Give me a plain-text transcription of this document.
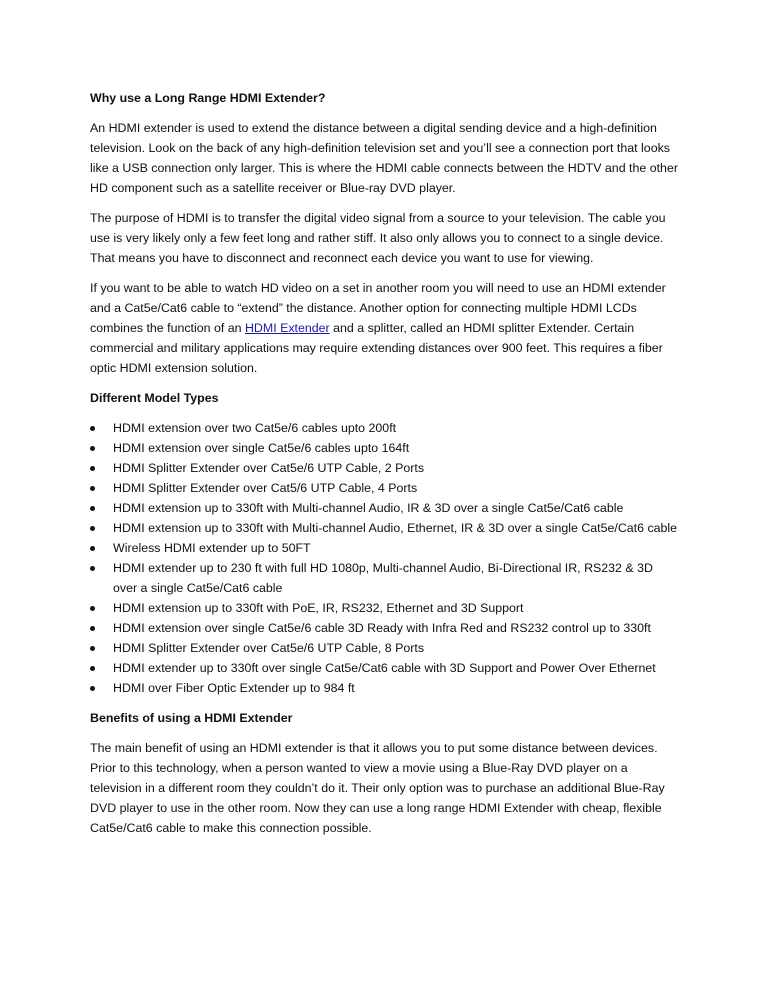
Why use a Long Range HDMI Extender?

An HDMI extender is used to extend the distance between a digital sending device and a high-definition television. Look on the back of any high-definition television set and you’ll see a connection port that looks like a USB connection only larger. This is where the HDMI cable connects between the HDTV and the other HD component such as a satellite receiver or Blue-ray DVD player.

The purpose of HDMI is to transfer the digital video signal from a source to your television. The cable you use is very likely only a few feet long and rather stiff. It also only allows you to connect to a single device. That means you have to disconnect and reconnect each device you want to use for viewing.

If you want to be able to watch HD video on a set in another room you will need to use an HDMI extender and a Cat5e/Cat6 cable to “extend” the distance. Another option for connecting multiple HDMI LCDs combines the function of an HDMI Extender and a splitter, called an HDMI splitter Extender. Certain commercial and military applications may require extending distances over 900 feet. This requires a fiber optic HDMI extension solution.

Different Model Types
HDMI extension over two Cat5e/6 cables upto 200ft
HDMI extension over single Cat5e/6 cables upto 164ft
HDMI Splitter Extender over Cat5e/6 UTP Cable, 2 Ports
HDMI Splitter Extender over Cat5/6 UTP Cable, 4 Ports
HDMI extension up to 330ft with Multi-channel Audio, IR & 3D over a single Cat5e/Cat6 cable
HDMI extension up to 330ft with Multi-channel Audio, Ethernet, IR & 3D over a single Cat5e/Cat6 cable
Wireless HDMI extender up to 50FT
HDMI extender up to 230 ft with full HD 1080p, Multi-channel Audio, Bi-Directional IR, RS232 & 3D over a single Cat5e/Cat6 cable
HDMI extension up to 330ft with PoE, IR, RS232, Ethernet and 3D Support
HDMI extension over single Cat5e/6 cable 3D Ready with Infra Red and RS232 control up to 330ft
HDMI Splitter Extender over Cat5e/6 UTP Cable, 8 Ports
HDMI extender up to 330ft over single Cat5e/Cat6 cable with 3D Support and Power Over Ethernet
HDMI over Fiber Optic Extender up to 984 ft
Benefits of using a HDMI Extender

The main benefit of using an HDMI extender is that it allows you to put some distance between devices. Prior to this technology, when a person wanted to view a movie using a Blue-Ray DVD player on a television in a different room they couldn’t do it. Their only option was to purchase an additional Blue-Ray DVD player to use in the other room. Now they can use a long range HDMI Extender with cheap, flexible Cat5e/Cat6 cable to make this connection possible.
